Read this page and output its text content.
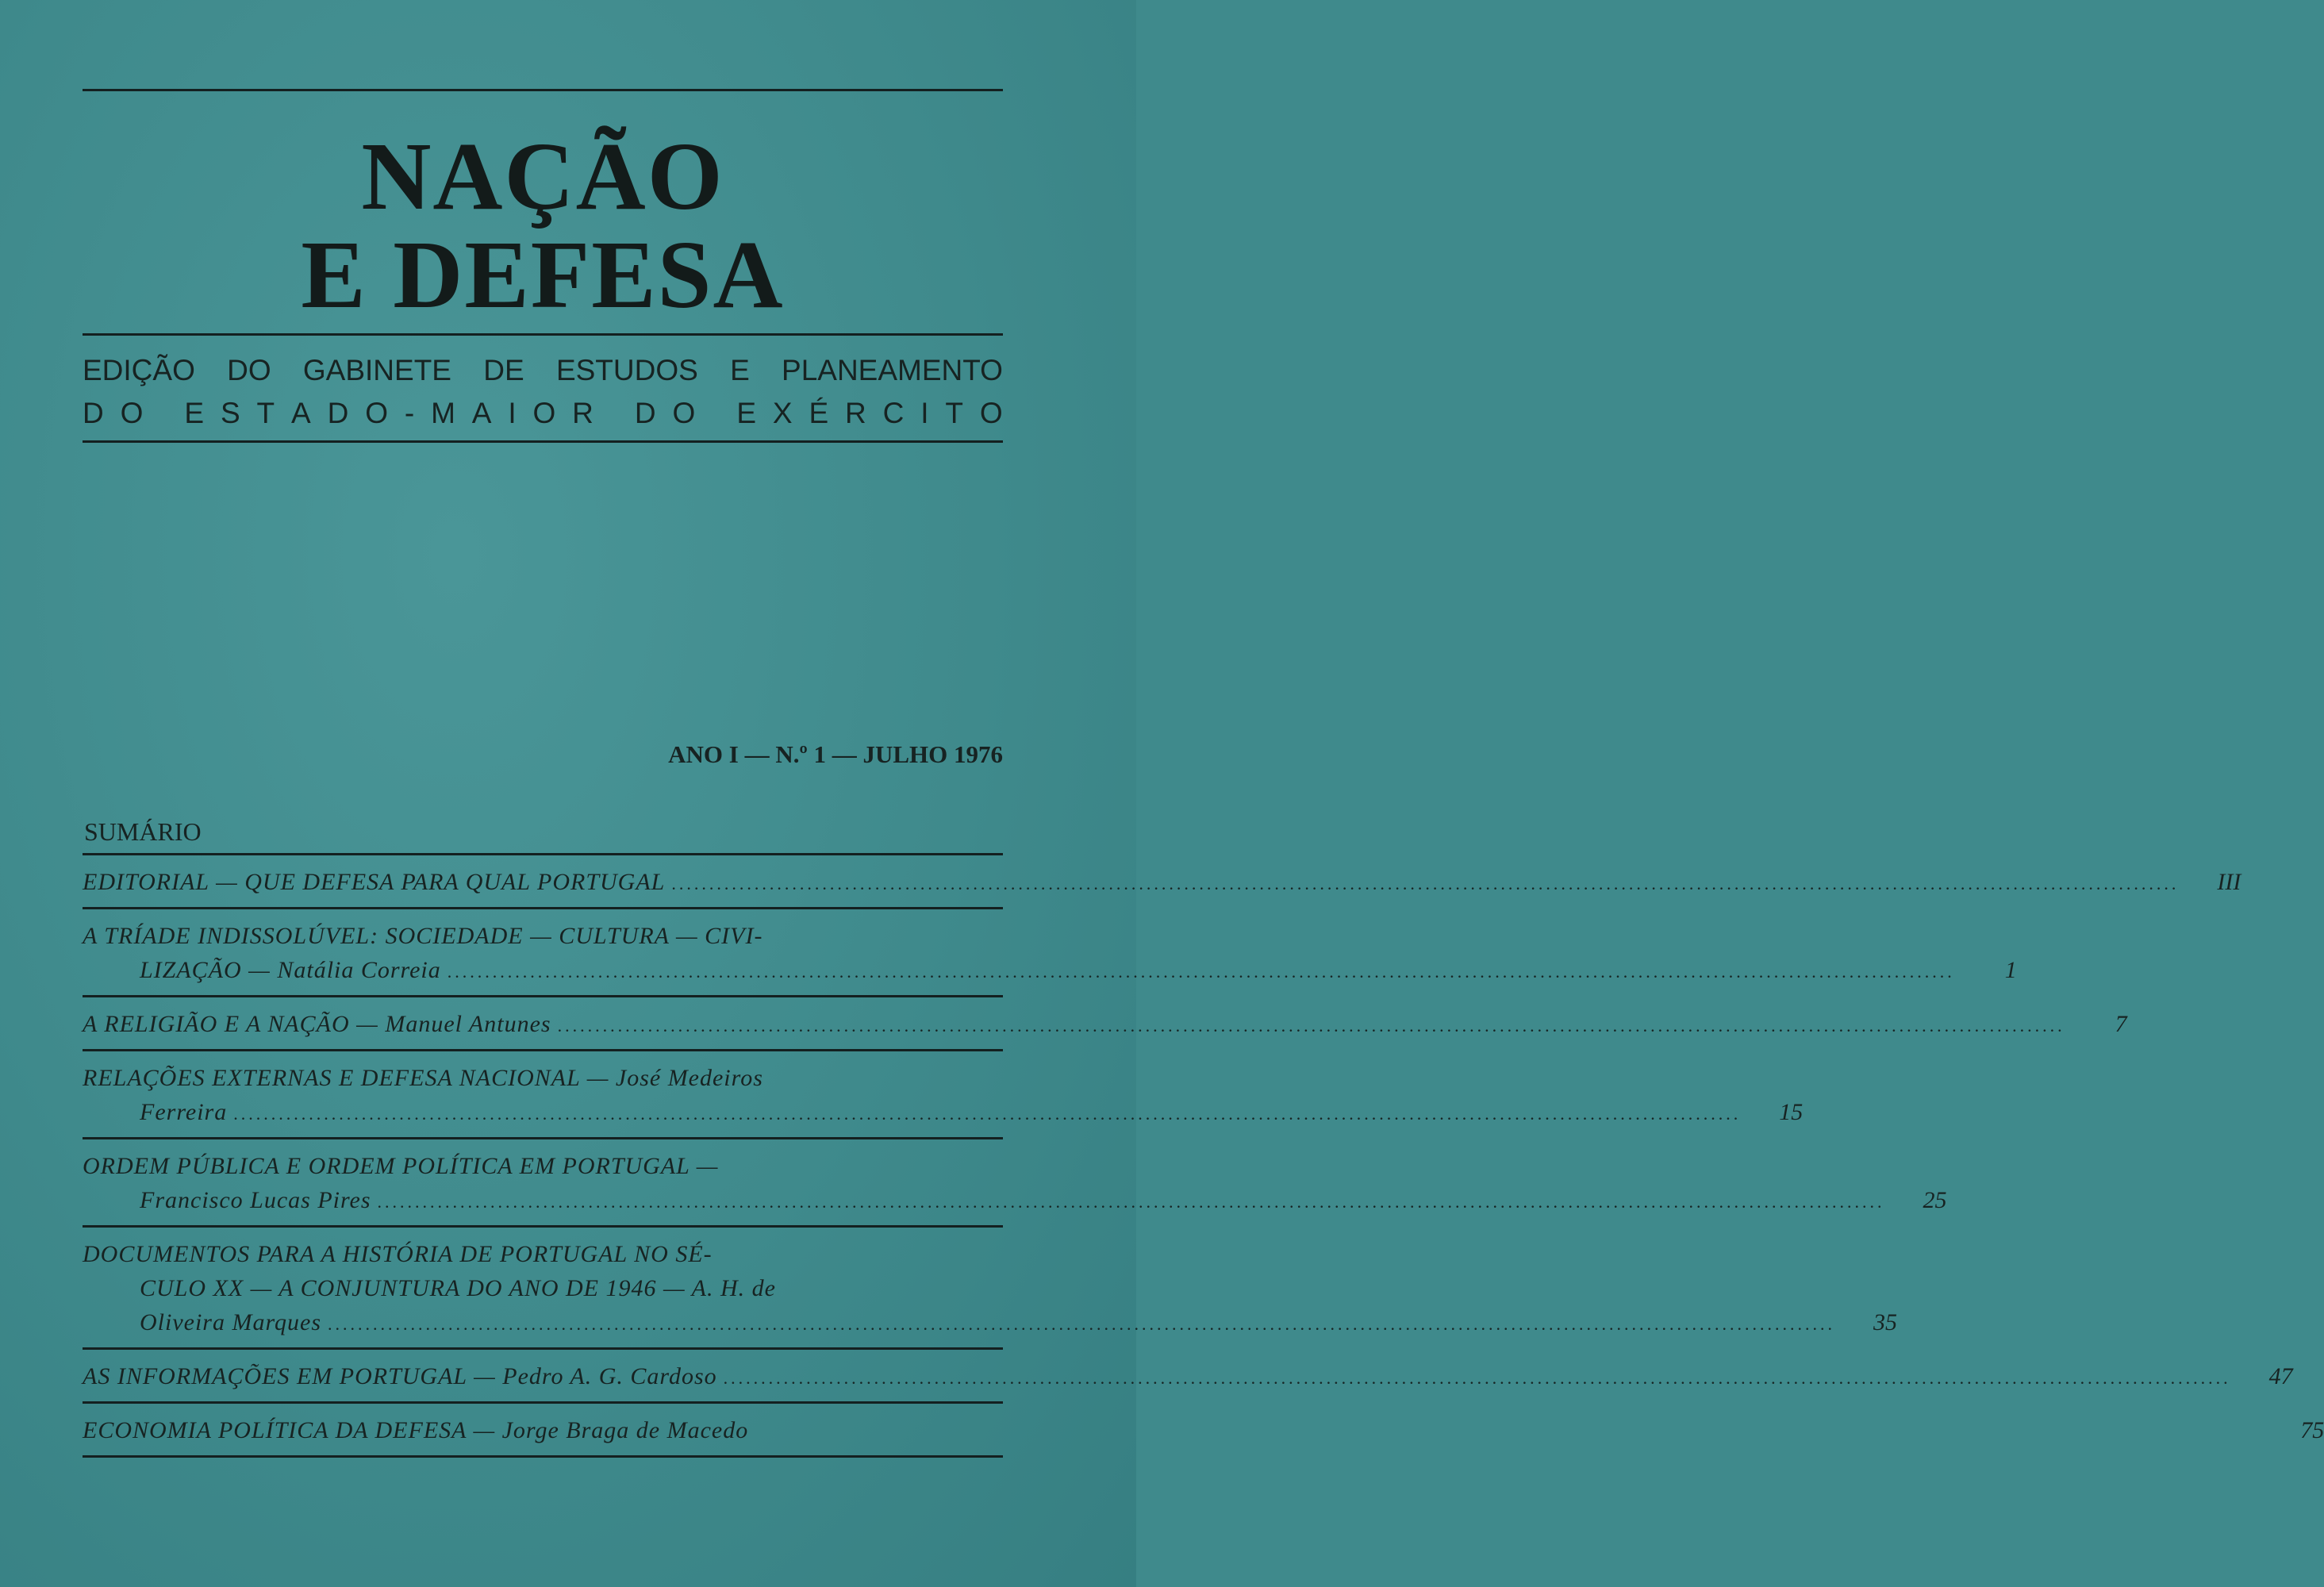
NAÇÃO
E DEFESA
EDIÇÃO DO GABINETE DE ESTUDOS E PLANEAMENTO
D O
E S T A D O - M A I O R
D O
E X É R C I T O
ANO I — N.º 1 — JULHO 1976
SUMÁRIO
EDITORIAL — QUE DEFESA PARA QUAL PORTUGAL ........................................................................................................................................................................................................	III
A TRÍADE INDISSOLÚVEL: SOCIEDADE — CULTURA — CIVI-
LIZAÇÃO — Natália Correia ........................................................................................................................................................................................................	1
A RELIGIÃO E A NAÇÃO — Manuel Antunes ........................................................................................................................................................................................................	7
RELAÇÕES EXTERNAS E DEFESA NACIONAL — José Medeiros
Ferreira ........................................................................................................................................................................................................	15
ORDEM PÚBLICA E ORDEM POLÍTICA EM PORTUGAL —
Francisco Lucas Pires ........................................................................................................................................................................................................	25
DOCUMENTOS PARA A HISTÓRIA DE PORTUGAL NO SÉ-
CULO XX — A CONJUNTURA DO ANO DE 1946 — A. H. de
Oliveira Marques ........................................................................................................................................................................................................	35
AS INFORMAÇÕES EM PORTUGAL — Pedro A. G. Cardoso ........................................................................................................................................................................................................	47
ECONOMIA POLÍTICA DA DEFESA — Jorge Braga de Macedo	75
